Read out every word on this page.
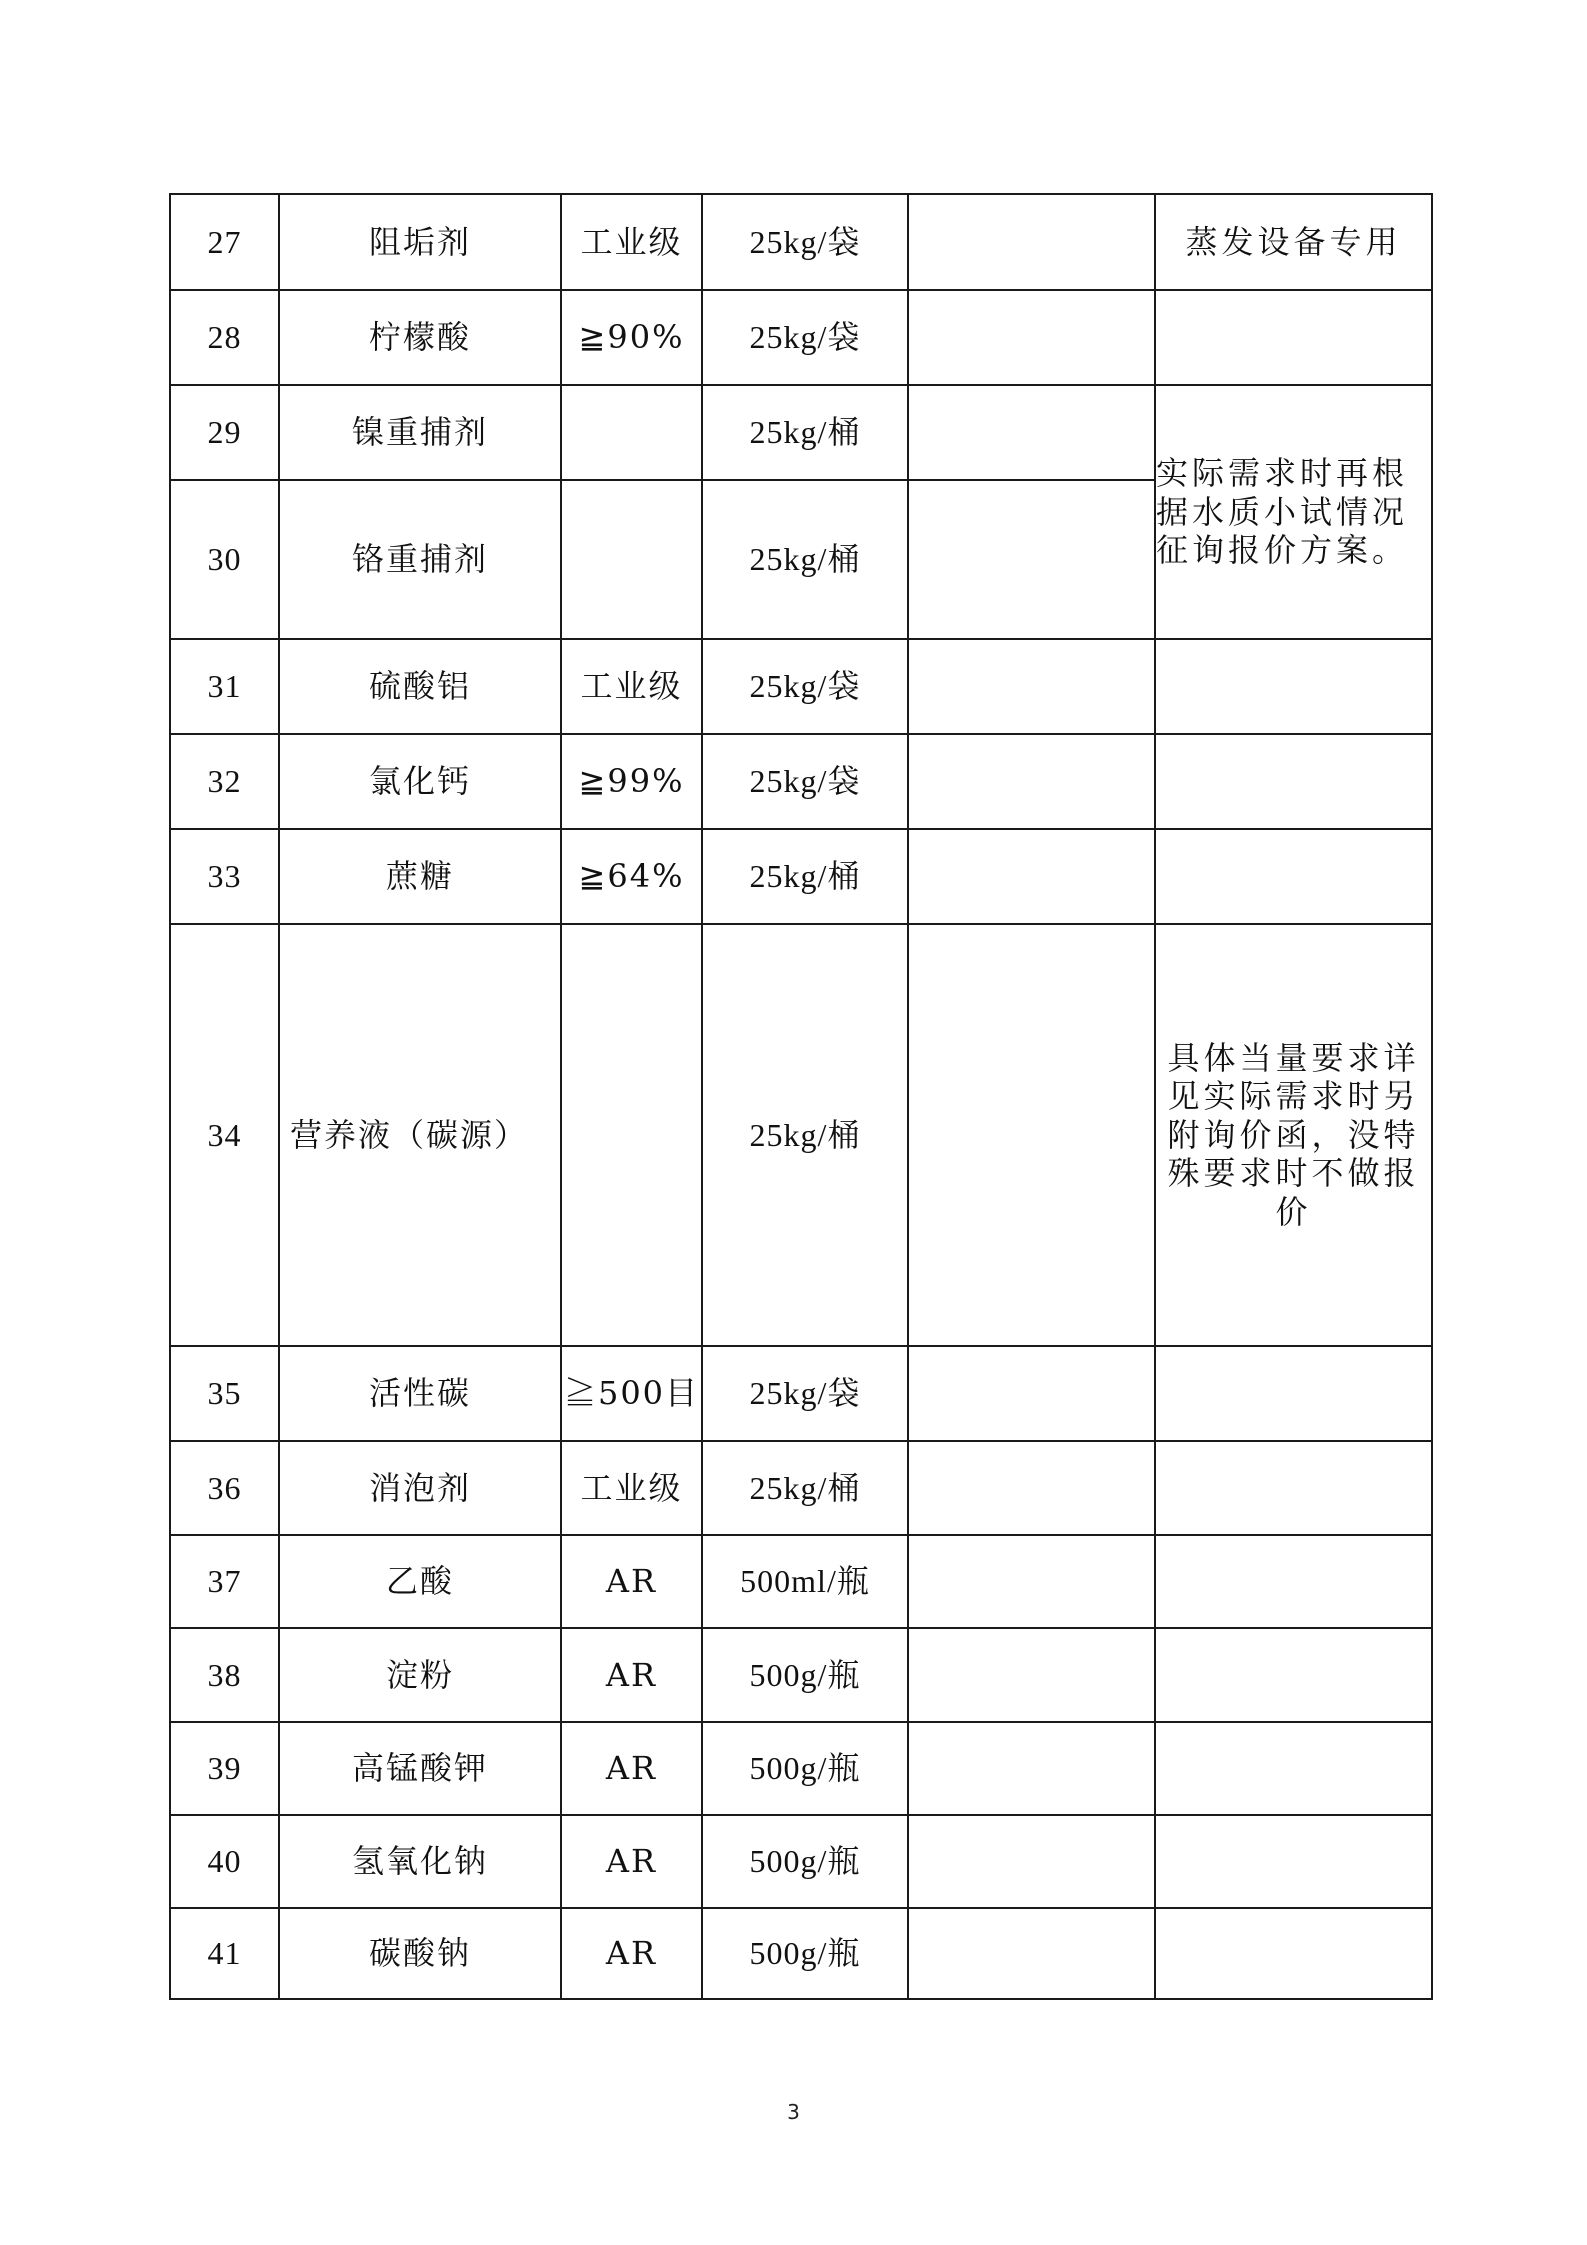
27	阻垢剂	工业级	25kg/袋		蒸发设备专用
28	柠檬酸	≧90%	25kg/袋		
29	镍重捕剂		25kg/桶		实际需求时再根据水质小试情况征询报价方案。
30	铬重捕剂		25kg/桶		
31	硫酸铝	工业级	25kg/袋		
32	氯化钙	≧99%	25kg/袋		
33	蔗糖	≧64%	25kg/桶		
34	营养液（碳源）		25kg/桶		具体当量要求详见实际需求时另附询价函，没特殊要求时不做报价
35	活性碳	≧500目	25kg/袋		
36	消泡剂	工业级	25kg/桶		
37	乙酸	AR	500ml/瓶		
38	淀粉	AR	500g/瓶		
39	高锰酸钾	AR	500g/瓶		
40	氢氧化钠	AR	500g/瓶		
41	碳酸钠	AR	500g/瓶		
3
